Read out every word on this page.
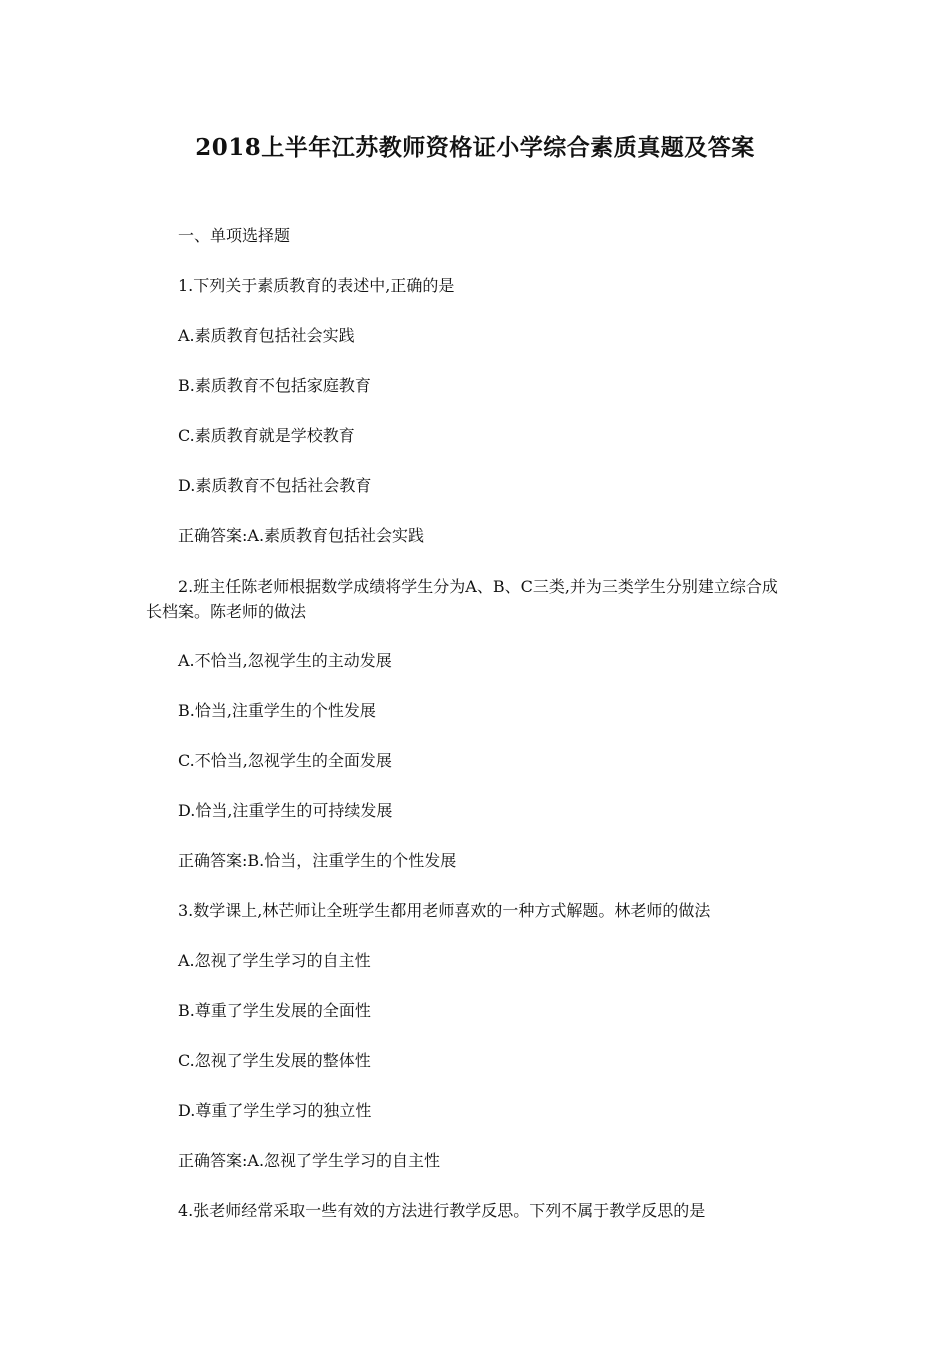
2018上半年江苏教师资格证小学综合素质真题及答案

一、单项选择题

1.下列关于素质教育的表述中,正确的是

A.素质教育包括社会实践

B.素质教育不包括家庭教育

C.素质教育就是学校教育

D.素质教育不包括社会教育

正确答案:A.素质教育包括社会实践

2.班主任陈老师根据数学成绩将学生分为A、B、C三类,并为三类学生分别建立综合成
长档案。陈老师的做法

A.不恰当,忽视学生的主动发展

B.恰当,注重学生的个性发展

C.不恰当,忽视学生的全面发展

D.恰当,注重学生的可持续发展

正确答案:B.恰当，注重学生的个性发展

3.数学课上,林芒师让全班学生都用老师喜欢的一种方式解题。林老师的做法

A.忽视了学生学习的自主性

B.尊重了学生发展的全面性

C.忽视了学生发展的整体性

D.尊重了学生学习的独立性

正确答案:A.忽视了学生学习的自主性

4.张老师经常采取一些有效的方法进行教学反思。下列不属于教学反思的是
